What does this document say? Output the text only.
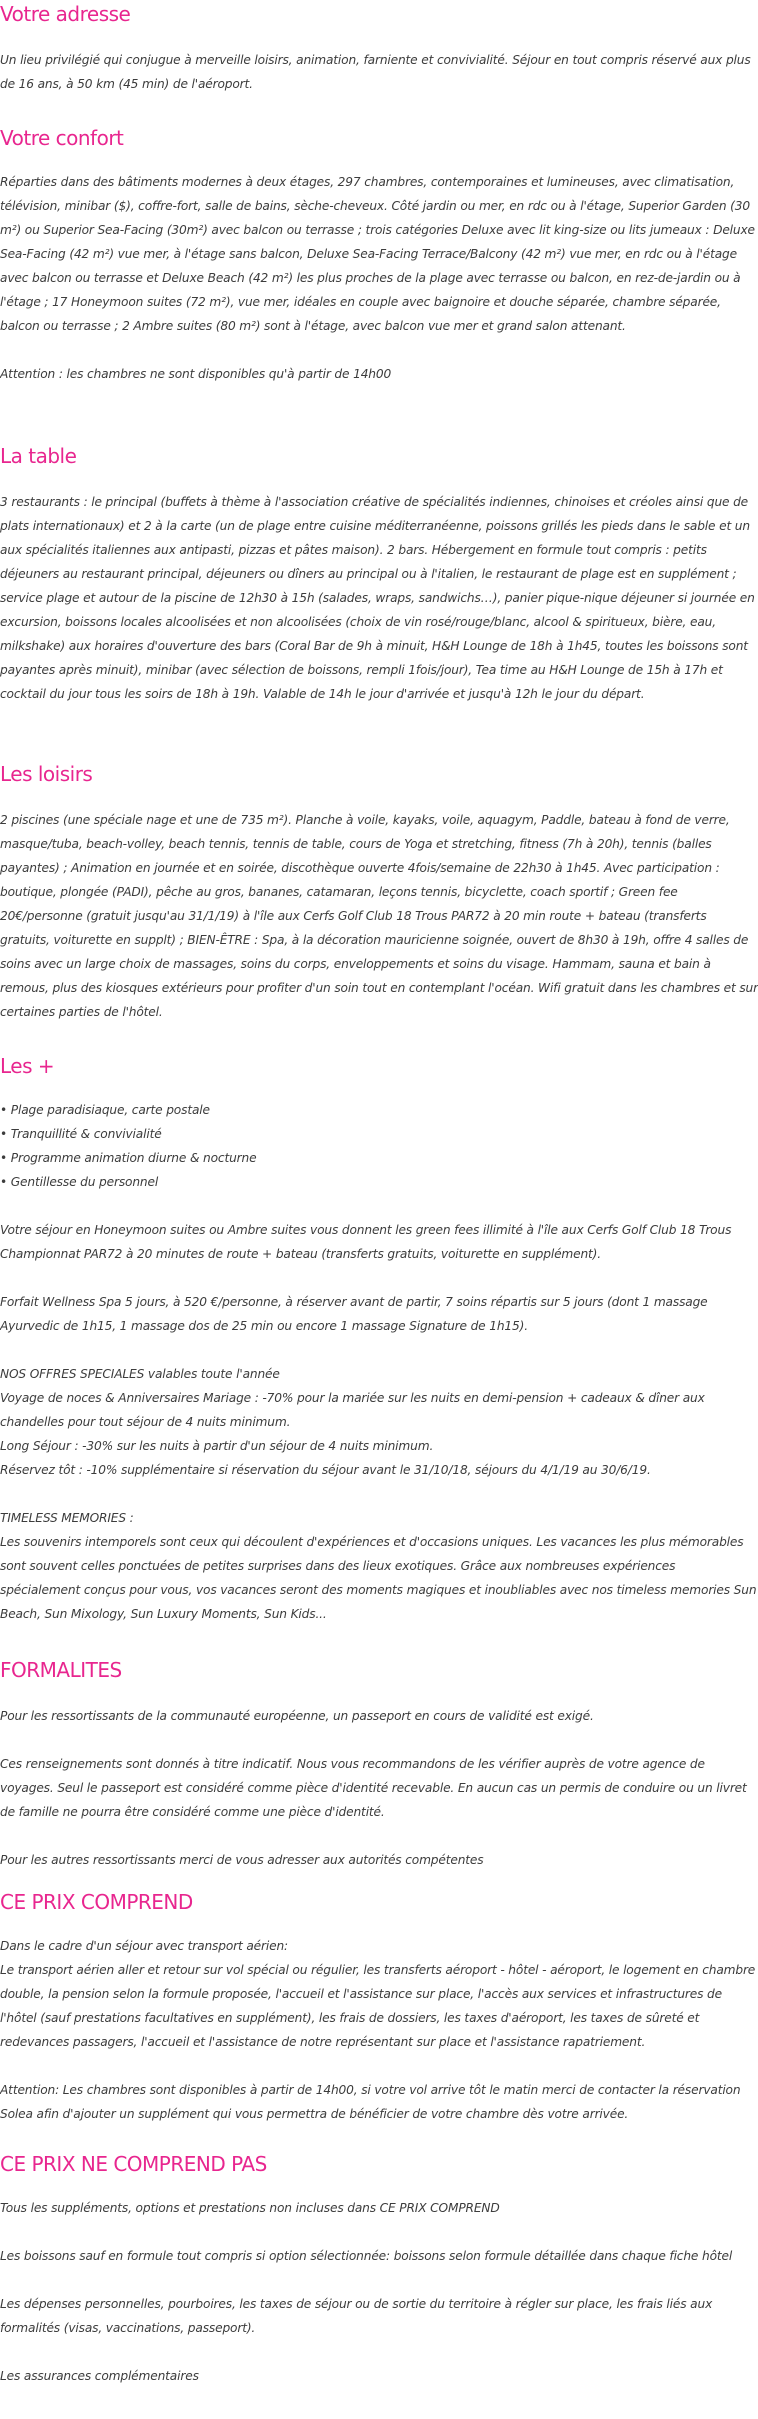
Votre adresse

Un lieu privilégié qui conjugue à merveille loisirs, animation, farniente et convivialité. Séjour en tout compris réservé aux plus de 16 ans, à 50 km (45 min) de l'aéroport.

Votre confort

Réparties dans des bâtiments modernes à deux étages, 297 chambres, contemporaines et lumineuses, avec climatisation, télévision, minibar ($), coffre-fort, salle de bains, sèche-cheveux. Côté jardin ou mer, en rdc ou à l'étage, Superior Garden (30 m²) ou Superior Sea-Facing (30m²) avec balcon ou terrasse ; trois catégories Deluxe avec lit king-size ou lits jumeaux : Deluxe Sea-Facing (42 m²) vue mer, à l'étage sans balcon, Deluxe Sea-Facing Terrace/Balcony (42 m²) vue mer, en rdc ou à l'étage avec balcon ou terrasse et Deluxe Beach (42 m²) les plus proches de la plage avec terrasse ou balcon, en rez-de-jardin ou à l'étage ; 17 Honeymoon suites (72 m²), vue mer, idéales en couple avec baignoire et douche séparée, chambre séparée, balcon ou terrasse ; 2 Ambre suites (80 m²) sont à l'étage, avec balcon vue mer et grand salon attenant.

Attention : les chambres ne sont disponibles qu'à partir de 14h00

La table

3 restaurants : le principal (buffets à thème à l'association créative de spécialités indiennes, chinoises et créoles ainsi que de plats internationaux) et 2 à la carte (un de plage entre cuisine méditerranéenne, poissons grillés les pieds dans le sable et un aux spécialités italiennes aux antipasti, pizzas et pâtes maison). 2 bars. Hébergement en formule tout compris : petits déjeuners au restaurant principal, déjeuners ou dîners au principal ou à l'italien, le restaurant de plage est en supplément ; service plage et autour de la piscine de 12h30 à 15h (salades, wraps, sandwichs…), panier pique-nique déjeuner si journée en excursion, boissons locales alcoolisées et non alcoolisées (choix de vin rosé/rouge/blanc, alcool & spiritueux, bière, eau, milkshake) aux horaires d'ouverture des bars (Coral Bar de 9h à minuit, H&H Lounge de 18h à 1h45, toutes les boissons sont payantes après minuit), minibar (avec sélection de boissons, rempli 1fois/jour), Tea time au H&H Lounge de 15h à 17h et cocktail du jour tous les soirs de 18h à 19h. Valable de 14h le jour d'arrivée et jusqu'à 12h le jour du départ.

Les loisirs

2 piscines (une spéciale nage et une de 735 m²). Planche à voile, kayaks, voile, aquagym, Paddle, bateau à fond de verre, masque/tuba, beach-volley, beach tennis, tennis de table, cours de Yoga et stretching, fitness (7h à 20h), tennis (balles payantes) ; Animation en journée et en soirée, discothèque ouverte 4fois/semaine de 22h30 à 1h45. Avec participation : boutique, plongée (PADI), pêche au gros, bananes, catamaran, leçons tennis, bicyclette, coach sportif ; Green fee 20€/personne (gratuit jusqu'au 31/1/19) à l'île aux Cerfs Golf Club 18 Trous PAR72 à 20 min route + bateau (transferts gratuits, voiturette en supplt) ; BIEN-ÊTRE : Spa, à la décoration mauricienne soignée, ouvert de 8h30 à 19h, offre 4 salles de soins avec un large choix de massages, soins du corps, enveloppements et soins du visage. Hammam, sauna et bain à remous, plus des kiosques extérieurs pour profiter d'un soin tout en contemplant l'océan. Wifi gratuit dans les chambres et sur certaines parties de l'hôtel.

Les +
• Plage paradisiaque, carte postale
• Tranquillité & convivialité
• Programme animation diurne & nocturne
• Gentillesse du personnel

Votre séjour en Honeymoon suites ou Ambre suites vous donnent les green fees illimité à l'île aux Cerfs Golf Club 18 Trous Championnat PAR72 à 20 minutes de route + bateau (transferts gratuits, voiturette en supplément).

Forfait Wellness Spa 5 jours, à 520 €/personne, à réserver avant de partir, 7 soins répartis sur 5 jours (dont 1 massage Ayurvedic de 1h15, 1 massage dos de 25 min ou encore 1 massage Signature de 1h15).

NOS OFFRES SPECIALES valables toute l'année

Voyage de noces & Anniversaires Mariage : -70% pour la mariée sur les nuits en demi-pension + cadeaux & dîner aux chandelles pour tout séjour de 4 nuits minimum.

Long Séjour : -30% sur les nuits à partir d'un séjour de 4 nuits minimum.

Réservez tôt : -10% supplémentaire si réservation du séjour avant le 31/10/18, séjours du 4/1/19 au 30/6/19.

TIMELESS MEMORIES :

Les souvenirs intemporels sont ceux qui découlent d'expériences et d'occasions uniques. Les vacances les plus mémorables sont souvent celles ponctuées de petites surprises dans des lieux exotiques. Grâce aux nombreuses expériences spécialement conçus pour vous, vos vacances seront des moments magiques et inoubliables avec nos timeless memories Sun Beach, Sun Mixology, Sun Luxury Moments, Sun Kids...

FORMALITES

Pour les ressortissants de la communauté européenne, un passeport en cours de validité est exigé.

Ces renseignements sont donnés à titre indicatif. Nous vous recommandons de les vérifier auprès de votre agence de voyages. Seul le passeport est considéré comme pièce d'identité recevable. En aucun cas un permis de conduire ou un livret de famille ne pourra être considéré comme une pièce d'identité.

Pour les autres ressortissants merci de vous adresser aux autorités compétentes

CE PRIX COMPREND

Dans le cadre d'un séjour avec transport aérien:

Le transport aérien aller et retour sur vol spécial ou régulier, les transferts aéroport - hôtel - aéroport, le logement en chambre double, la pension selon la formule proposée, l'accueil et l'assistance sur place, l'accès aux services et infrastructures de l'hôtel (sauf prestations facultatives en supplément), les frais de dossiers, les taxes d'aéroport, les taxes de sûreté et redevances passagers, l'accueil et l'assistance de notre représentant sur place et l'assistance rapatriement.

Attention: Les chambres sont disponibles à partir de 14h00, si votre vol arrive tôt le matin merci de contacter la réservation Solea afin d'ajouter un supplément qui vous permettra de bénéficier de votre chambre dès votre arrivée.

CE PRIX NE COMPREND PAS

Tous les suppléments, options et prestations non incluses dans CE PRIX COMPREND

Les boissons sauf en formule tout compris si option sélectionnée: boissons selon formule détaillée dans chaque fiche hôtel

Les dépenses personnelles, pourboires, les taxes de séjour ou de sortie du territoire à régler sur place, les frais liés aux formalités (visas, vaccinations, passeport).

Les assurances complémentaires
